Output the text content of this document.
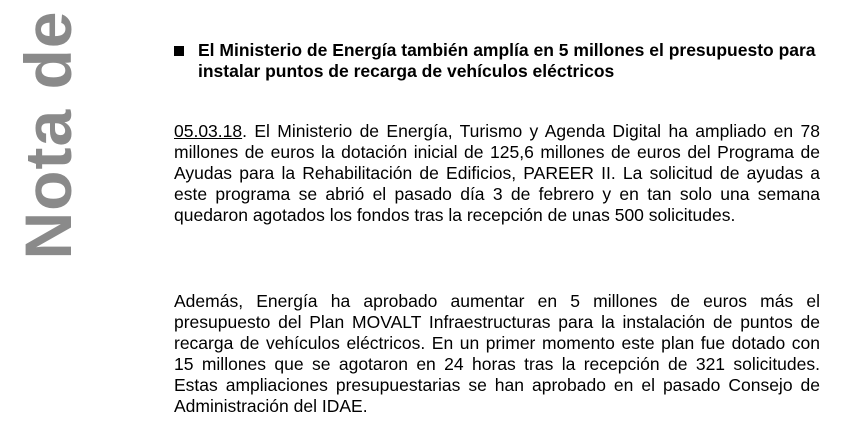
Nota de	El Ministerio de Energía también amplía en 5 millones el presupuesto para instalar puntos de recarga de vehículos eléctricos

05.03.18. El Ministerio de Energía, Turismo y Agenda Digital ha ampliado en 78 millones de euros la dotación inicial de 125,6 millones de euros del Programa de Ayudas para la Rehabilitación de Edificios, PAREER II. La solicitud de ayudas a este programa se abrió el pasado día 3 de febrero y en tan solo una semana quedaron agotados los fondos tras la recepción de unas 500 solicitudes.

Además, Energía ha aprobado aumentar en 5 millones de euros más el presupuesto del Plan MOVALT Infraestructuras para la instalación de puntos de recarga de vehículos eléctricos. En un primer momento este plan fue dotado con 15 millones que se agotaron en 24 horas tras la recepción de 321 solicitudes. Estas ampliaciones presupuestarias se han aprobado en el pasado Consejo de Administración del IDAE.
